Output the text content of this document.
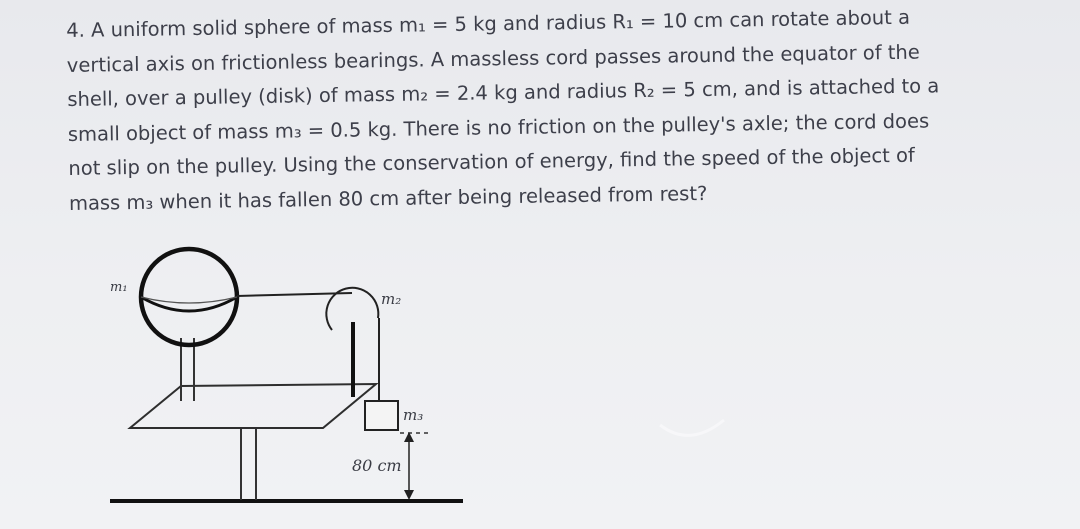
4. A uniform solid sphere of mass m₁ = 5 kg and radius R₁ = 10 cm can rotate about a
vertical axis on frictionless bearings. A massless cord passes around the equator of the
shell, over a pulley (disk) of mass m₂ = 2.4 kg and radius R₂ = 5 cm, and is attached to a
small object of mass m₃ = 0.5 kg. There is no friction on the pulley's axle; the cord does
not slip on the pulley. Using the conservation of energy, find the speed of the object of
mass m₃ when it has fallen 80 cm after being released from rest?
m₁
m₂
m₃
80 cm
